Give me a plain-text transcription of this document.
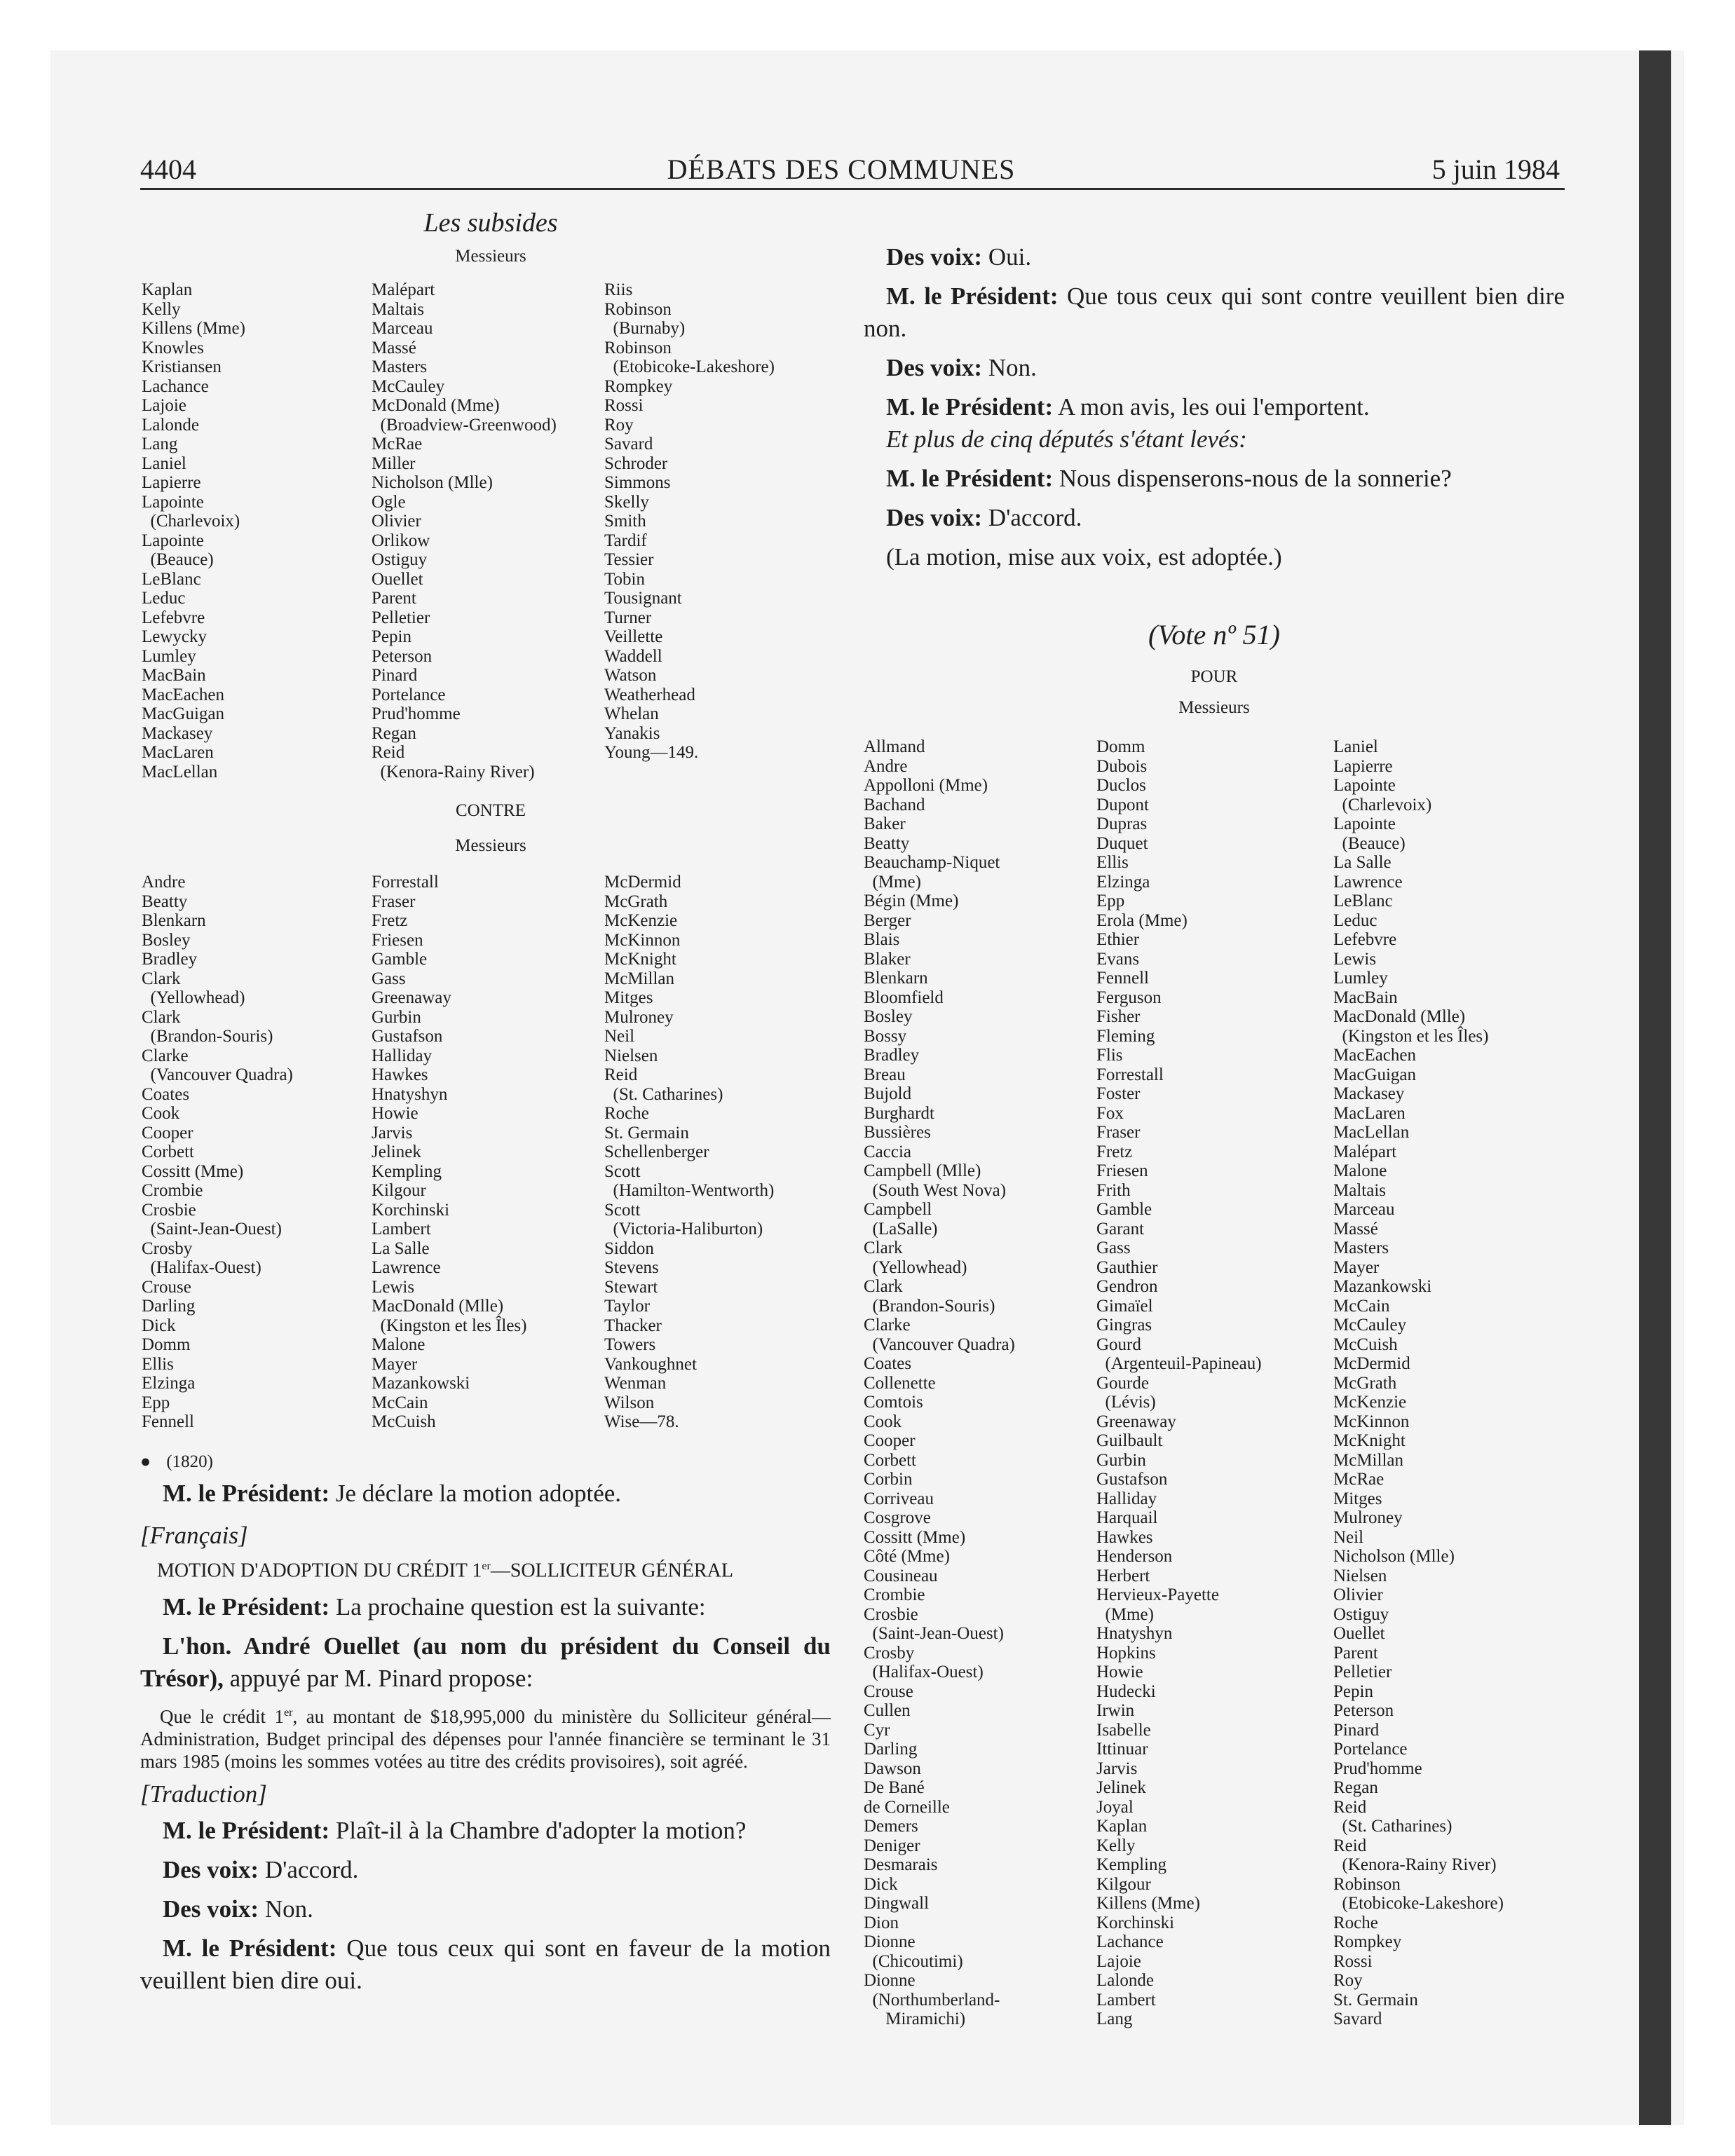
4404	DÉBATS DES COMMUNES	5 juin 1984
Les subsides
Messieurs
Kaplan
Kelly
Killens (Mme)
Knowles
Kristiansen
Lachance
Lajoie
Lalonde
Lang
Laniel
Lapierre
Lapointe
(Charlevoix)
Lapointe
(Beauce)
LeBlanc
Leduc
Lefebvre
Lewycky
Lumley
MacBain
MacEachen
MacGuigan
Mackasey
MacLaren
MacLellan
Malépart
Maltais
Marceau
Massé
Masters
McCauley
McDonald (Mme)
(Broadview-Greenwood)
McRae
Miller
Nicholson (Mlle)
Ogle
Olivier
Orlikow
Ostiguy
Ouellet
Parent
Pelletier
Pepin
Peterson
Pinard
Portelance
Prud'homme
Regan
Reid
(Kenora-Rainy River)
Riis
Robinson
(Burnaby)
Robinson
(Etobicoke-Lakeshore)
Rompkey
Rossi
Roy
Savard
Schroder
Simmons
Skelly
Smith
Tardif
Tessier
Tobin
Tousignant
Turner
Veillette
Waddell
Watson
Weatherhead
Whelan
Yanakis
Young—149.
CONTRE
Messieurs
Andre
Beatty
Blenkarn
Bosley
Bradley
Clark
(Yellowhead)
Clark
(Brandon-Souris)
Clarke
(Vancouver Quadra)
Coates
Cook
Cooper
Corbett
Cossitt (Mme)
Crombie
Crosbie
(Saint-Jean-Ouest)
Crosby
(Halifax-Ouest)
Crouse
Darling
Dick
Domm
Ellis
Elzinga
Epp
Fennell
Forrestall
Fraser
Fretz
Friesen
Gamble
Gass
Greenaway
Gurbin
Gustafson
Halliday
Hawkes
Hnatyshyn
Howie
Jarvis
Jelinek
Kempling
Kilgour
Korchinski
Lambert
La Salle
Lawrence
Lewis
MacDonald (Mlle)
(Kingston et les Îles)
Malone
Mayer
Mazankowski
McCain
McCuish
McDermid
McGrath
McKenzie
McKinnon
McKnight
McMillan
Mitges
Mulroney
Neil
Nielsen
Reid
(St. Catharines)
Roche
St. Germain
Schellenberger
Scott
(Hamilton-Wentworth)
Scott
(Victoria-Haliburton)
Siddon
Stevens
Stewart
Taylor
Thacker
Towers
Vankoughnet
Wenman
Wilson
Wise—78.
● (1820)

M. le Président: Je déclare la motion adoptée.

[Français]

MOTION D'ADOPTION DU CRÉDIT 1er—SOLLICITEUR GÉNÉRAL

M. le Président: La prochaine question est la suivante:

L'hon. André Ouellet (au nom du président du Conseil du Trésor), appuyé par M. Pinard propose:

Que le crédit 1er, au montant de $18,995,000 du ministère du Solliciteur général—Administration, Budget principal des dépenses pour l'année financière se terminant le 31 mars 1985 (moins les sommes votées au titre des crédits provisoires), soit agréé.

[Traduction]

M. le Président: Plaît-il à la Chambre d'adopter la motion?

Des voix: D'accord.

Des voix: Non.

M. le Président: Que tous ceux qui sont en faveur de la motion veuillent bien dire oui.

Des voix: Oui.

M. le Président: Que tous ceux qui sont contre veuillent bien dire non.

Des voix: Non.

M. le Président: A mon avis, les oui l'emportent.

Et plus de cinq députés s'étant levés:

M. le Président: Nous dispenserons-nous de la sonnerie?

Des voix: D'accord.

(La motion, mise aux voix, est adoptée.)

(Vote nº 51)
POUR
Messieurs
Allmand
Andre
Appolloni (Mme)
Bachand
Baker
Beatty
Beauchamp-Niquet
(Mme)
Bégin (Mme)
Berger
Blais
Blaker
Blenkarn
Bloomfield
Bosley
Bossy
Bradley
Breau
Bujold
Burghardt
Bussières
Caccia
Campbell (Mlle)
(South West Nova)
Campbell
(LaSalle)
Clark
(Yellowhead)
Clark
(Brandon-Souris)
Clarke
(Vancouver Quadra)
Coates
Collenette
Comtois
Cook
Cooper
Corbett
Corbin
Corriveau
Cosgrove
Cossitt (Mme)
Côté (Mme)
Cousineau
Crombie
Crosbie
(Saint-Jean-Ouest)
Crosby
(Halifax-Ouest)
Crouse
Cullen
Cyr
Darling
Dawson
De Bané
de Corneille
Demers
Deniger
Desmarais
Dick
Dingwall
Dion
Dionne
(Chicoutimi)
Dionne
(Northumberland-
Miramichi)
Domm
Dubois
Duclos
Dupont
Dupras
Duquet
Ellis
Elzinga
Epp
Erola (Mme)
Ethier
Evans
Fennell
Ferguson
Fisher
Fleming
Flis
Forrestall
Foster
Fox
Fraser
Fretz
Friesen
Frith
Gamble
Garant
Gass
Gauthier
Gendron
Gimaïel
Gingras
Gourd
(Argenteuil-Papineau)
Gourde
(Lévis)
Greenaway
Guilbault
Gurbin
Gustafson
Halliday
Harquail
Hawkes
Henderson
Herbert
Hervieux-Payette
(Mme)
Hnatyshyn
Hopkins
Howie
Hudecki
Irwin
Isabelle
Ittinuar
Jarvis
Jelinek
Joyal
Kaplan
Kelly
Kempling
Kilgour
Killens (Mme)
Korchinski
Lachance
Lajoie
Lalonde
Lambert
Lang
Laniel
Lapierre
Lapointe
(Charlevoix)
Lapointe
(Beauce)
La Salle
Lawrence
LeBlanc
Leduc
Lefebvre
Lewis
Lumley
MacBain
MacDonald (Mlle)
(Kingston et les Îles)
MacEachen
MacGuigan
Mackasey
MacLaren
MacLellan
Malépart
Malone
Maltais
Marceau
Massé
Masters
Mayer
Mazankowski
McCain
McCauley
McCuish
McDermid
McGrath
McKenzie
McKinnon
McKnight
McMillan
McRae
Mitges
Mulroney
Neil
Nicholson (Mlle)
Nielsen
Olivier
Ostiguy
Ouellet
Parent
Pelletier
Pepin
Peterson
Pinard
Portelance
Prud'homme
Regan
Reid
(St. Catharines)
Reid
(Kenora-Rainy River)
Robinson
(Etobicoke-Lakeshore)
Roche
Rompkey
Rossi
Roy
St. Germain
Savard
